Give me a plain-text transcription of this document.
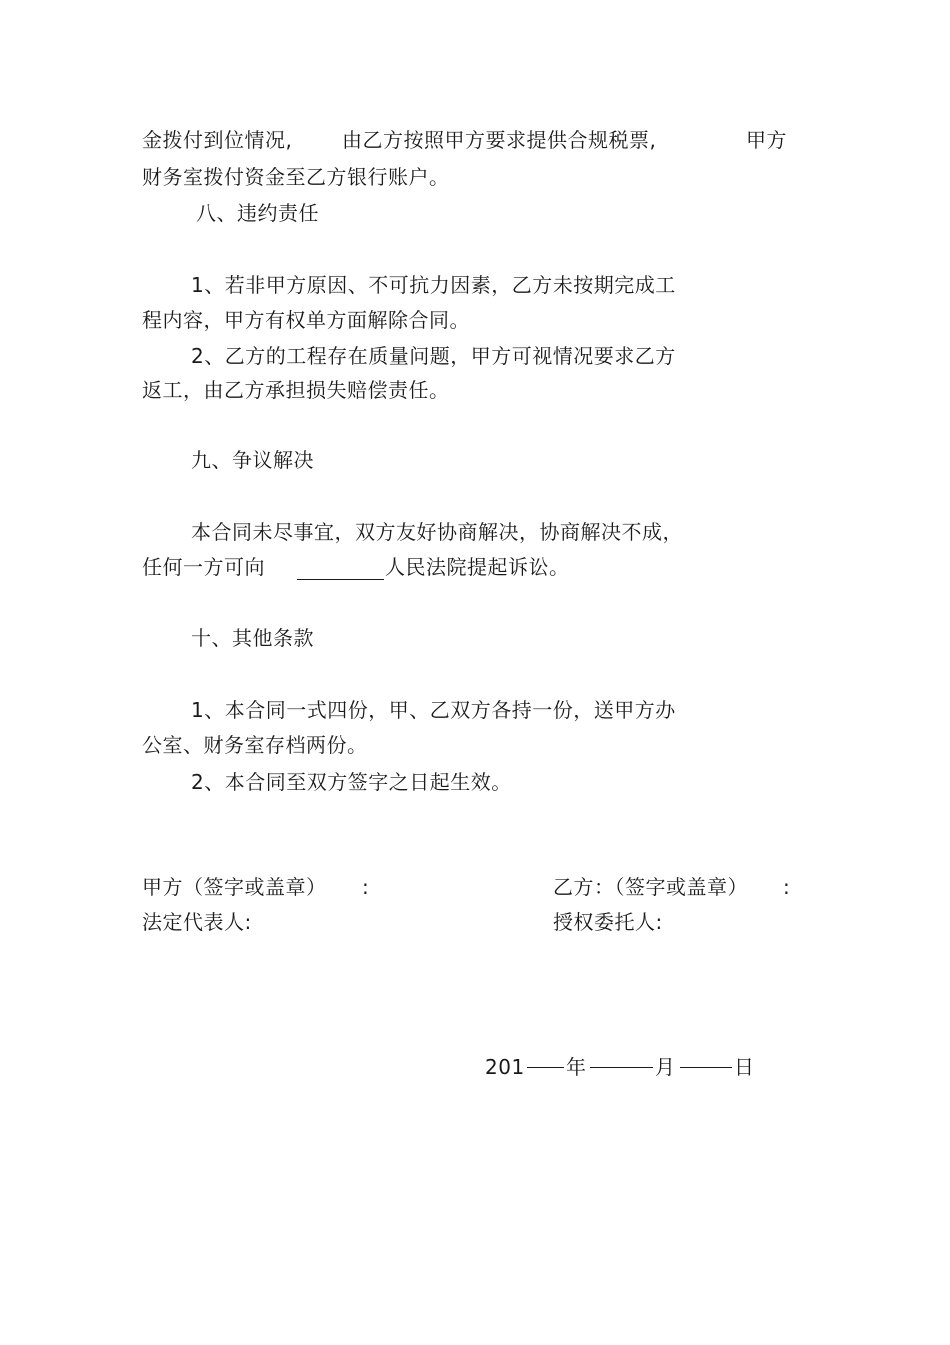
金拨付到位情况, 由乙方按照甲方要求提供合规税票,	甲方
财务室拨付资金至乙方银行账户。
八、违约责任
1、若非甲方原因、不可抗力因素，乙方未按期完成工
程内容，甲方有权单方面解除合同。
2、乙方的工程存在质量问题，甲方可视情况要求乙方
返工，由乙方承担损失赔偿责任。
九、争议解决
本合同未尽事宜，双方友好协商解决，协商解决不成，
任何一方可向	人民法院提起诉讼。
十、其他条款
1、本合同一式四份，甲、乙双方各持一份，送甲方办
公室、财务室存档两份。
2、本合同至双方签字之日起生效。
甲方（签字或盖章） :	乙方：（签字或盖章） :
法定代表人:	授权委托人:
201 年	月	日
